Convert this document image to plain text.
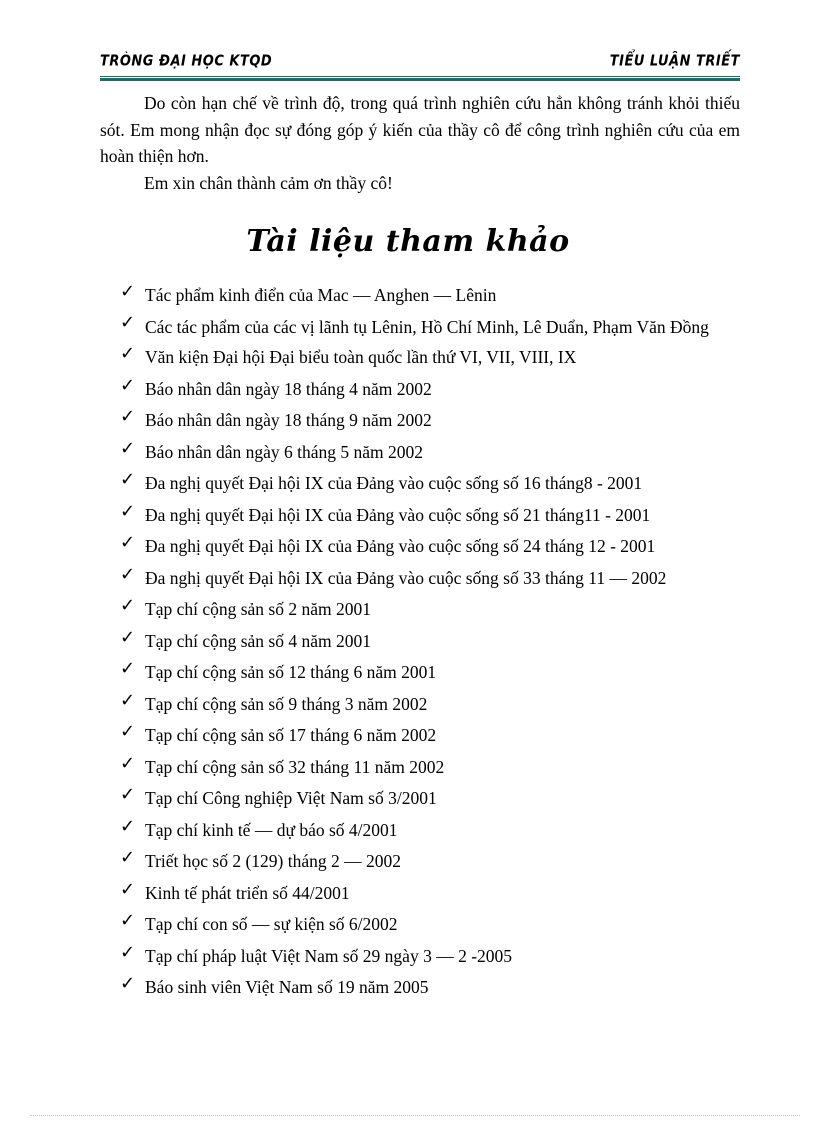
TRÒNG ĐẠI HỌC KTQD	TIỂU LUẬN TRIẾT

Do còn hạn chế về trình độ, trong quá trình nghiên cứu hẳn không tránh khỏi thiếu sót. Em mong nhận đọc sự đóng góp ý kiến của thầy cô để công trình nghiên cứu của em hoàn thiện hơn.

Em xin chân thành cảm ơn thầy cô!

Tài liệu tham khảo
✓ Tác phẩm kinh điển của Mac — Anghen — Lênin
✓ Các tác phẩm của các vị lãnh tụ Lênin, Hồ Chí Minh, Lê Duẩn, Phạm Văn Đồng
✓ Văn kiện Đại hội Đại biểu toàn quốc lần thứ VI, VII, VIII, IX
✓ Báo nhân dân ngày 18 tháng 4 năm 2002
✓ Báo nhân dân ngày 18 tháng 9 năm 2002
✓ Báo nhân dân ngày 6 tháng 5 năm 2002
✓ Đa nghị quyết Đại hội IX của Đảng vào cuộc sống số 16 tháng8 - 2001
✓ Đa nghị quyết Đại hội IX của Đảng vào cuộc sống số 21 tháng11 - 2001
✓ Đa nghị quyết Đại hội IX của Đảng vào cuộc sống số 24 tháng 12 - 2001
✓ Đa nghị quyết Đại hội IX của Đảng vào cuộc sống số 33 tháng 11 — 2002
✓ Tạp chí cộng sản số 2 năm 2001
✓ Tạp chí cộng sản số 4 năm 2001
✓ Tạp chí cộng sản số 12 tháng 6 năm 2001
✓ Tạp chí cộng sản số 9 tháng 3 năm 2002
✓ Tạp chí cộng sản số 17 tháng 6 năm 2002
✓ Tạp chí cộng sản số 32 tháng 11 năm 2002
✓ Tạp chí Công nghiệp Việt Nam số 3/2001
✓ Tạp chí kinh tế — dự báo số 4/2001
✓ Triết học số 2 (129) tháng 2 — 2002
✓ Kinh tế phát triển số 44/2001
✓ Tạp chí con số — sự kiện số 6/2002
✓ Tạp chí pháp luật Việt Nam số 29 ngày 3 — 2 -2005
✓ Báo sinh viên Việt Nam số 19 năm 2005
